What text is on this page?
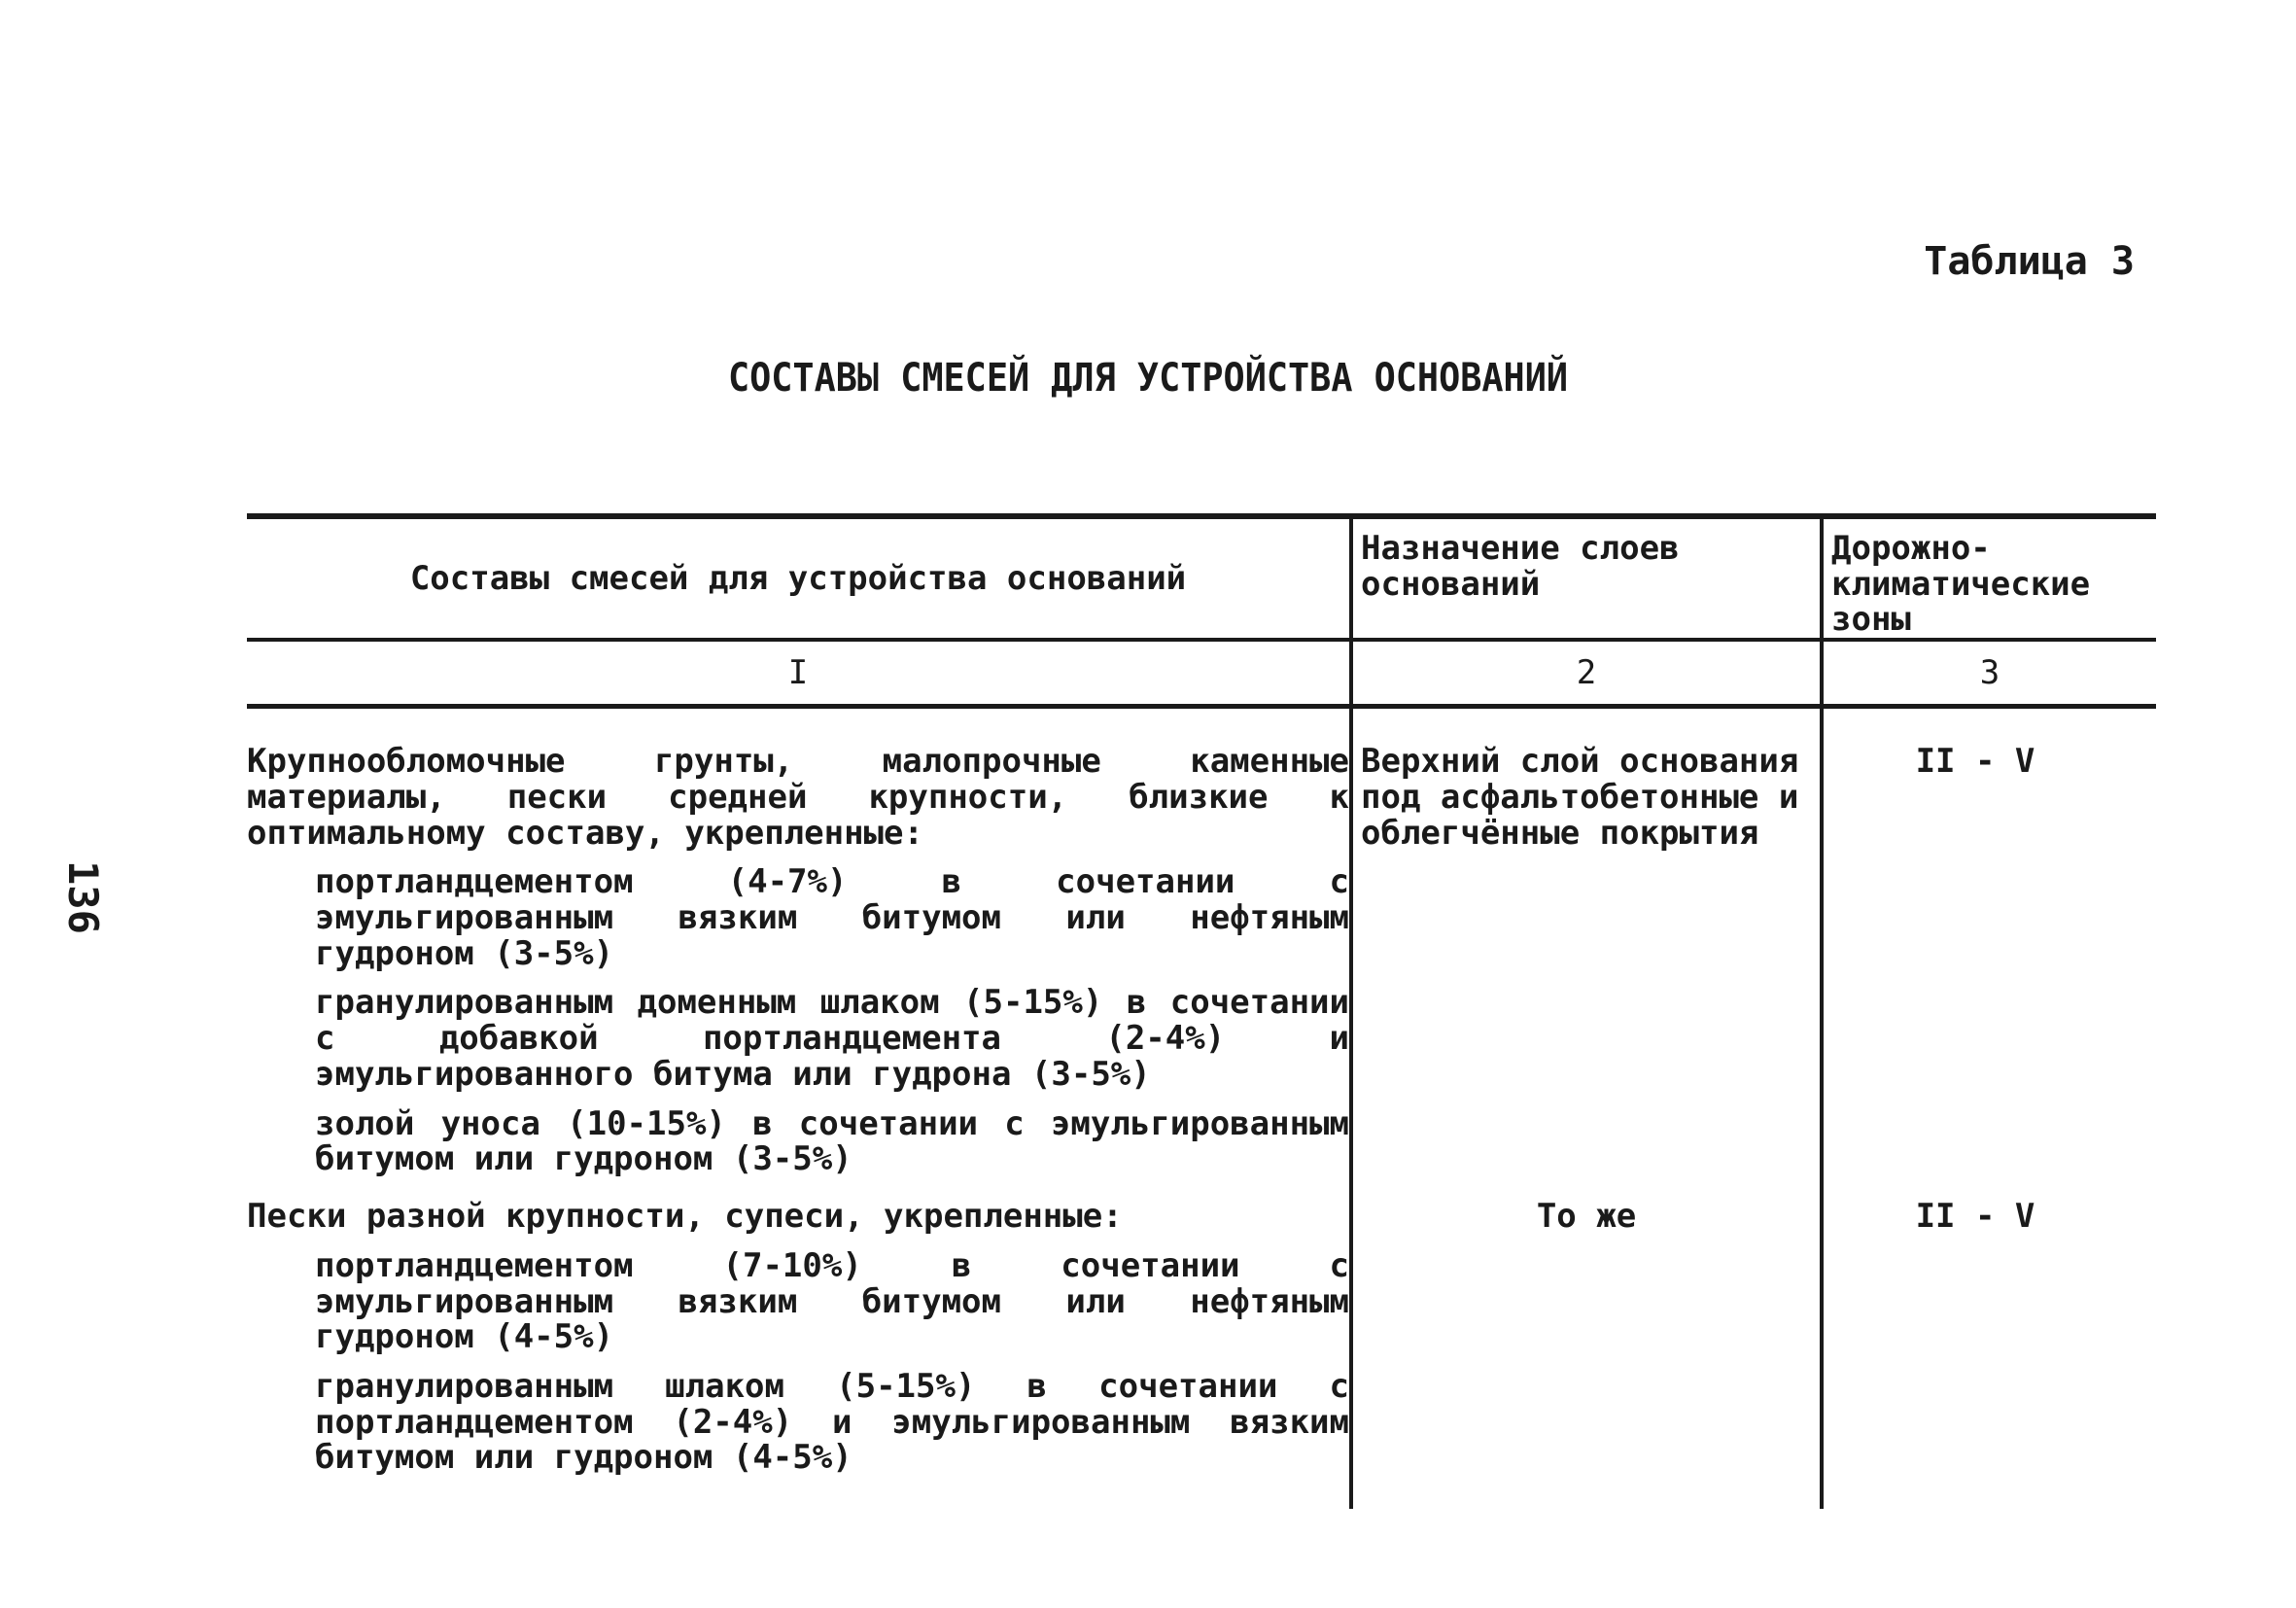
Таблица 3
СОСТАВЫ СМЕСЕЙ ДЛЯ УСТРОЙСТВА ОСНОВАНИЙ
136
Составы смесей для устройства оснований	Назначение слоев оснований	Дорожно-климатические зоны
I	2	3

Крупнообломочные грунты, малопрочные каменные материалы, пески средней крупности, близкие к оптимальному составу, укрепленные:
портландцементом (4-7%) в сочетании с эмульгированным вязким битумом или нефтяным гудроном (3-5%)
гранулированным доменным шлаком (5-15%) в сочетании с добавкой портландцемента (2-4%) и эмульгированного битума или гудрона (3-5%)
золой уноса (10-15%) в сочетании с эмульгированным битумом или гудроном (3-5%)	Верхний слой основания под асфальтобетонные и облегчённые покрытия	II - V

Пески разной крупности, супеси, укрепленные:
портландцементом (7-10%) в сочетании с эмульгированным вязким битумом или нефтяным гудроном (4-5%)
гранулированным шлаком (5-15%) в сочетании с портландцементом (2-4%) и эмульгированным вязким битумом или гудроном (4-5%)	То же	II - V
